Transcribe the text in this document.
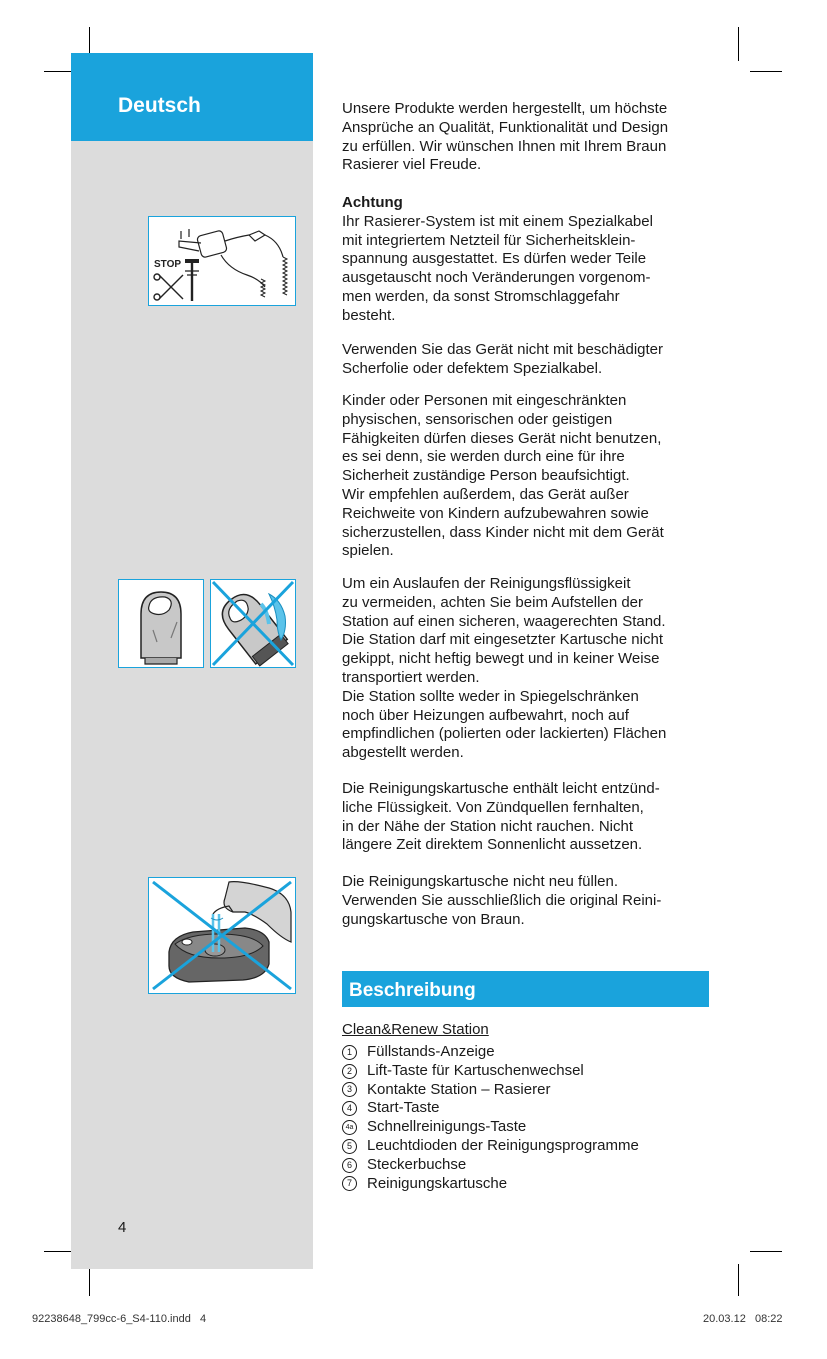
Deutsch
4
STOP
Unsere Produkte werden hergestellt, um höchste
Ansprüche an Qualität, Funktionalität und Design
zu erfüllen. Wir wünschen Ihnen mit Ihrem Braun
Rasierer viel Freude.
Achtung
Ihr Rasierer-System ist mit einem Spezialkabel
mit integriertem Netzteil für Sicherheitsklein-
spannung ausgestattet. Es dürfen weder Teile
ausgetauscht noch Veränderungen vorgenom-
men werden, da sonst Stromschlaggefahr
besteht.
Verwenden Sie das Gerät nicht mit beschädigter
Scherfolie oder defektem Spezialkabel.
Kinder oder Personen mit eingeschränkten
physischen, sensorischen oder geistigen
Fähigkeiten dürfen dieses Gerät nicht benutzen,
es sei denn, sie werden durch eine für ihre
Sicherheit zuständige Person beaufsichtigt.
Wir empfehlen außerdem, das Gerät außer
Reichweite von Kindern aufzubewahren sowie
sicherzustellen, dass Kinder nicht mit dem Gerät
spielen.
Um ein Auslaufen der Reinigungsflüssigkeit
zu vermeiden, achten Sie beim Aufstellen der
Station auf einen sicheren, waagerechten Stand.
Die Station darf mit eingesetzter Kartusche nicht
gekippt, nicht heftig bewegt und in keiner Weise
transportiert werden.
Die Station sollte weder in Spiegelschränken
noch über Heizungen aufbewahrt, noch auf
empfindlichen (polierten oder lackierten) Flächen
abgestellt werden.
Die Reinigungskartusche enthält leicht entzünd-
liche Flüssigkeit. Von Zündquellen fernhalten,
in der Nähe der Station nicht rauchen. Nicht
längere Zeit direktem Sonnenlicht aussetzen.
Die Reinigungskartusche nicht neu füllen.
Verwenden Sie ausschließlich die original Reini-
gungskartusche von Braun.
Beschreibung
Clean&Renew Station
1	Füllstands-Anzeige
2	Lift-Taste für Kartuschenwechsel
3	Kontakte Station – Rasierer
4	Start-Taste
4a Schnellreinigungs-Taste
5	Leuchtdioden der Reinigungsprogramme
6	Steckerbuchse
7	Reinigungskartusche
92238648_799cc-6_S4-110.indd   4	20.03.12   08:22
